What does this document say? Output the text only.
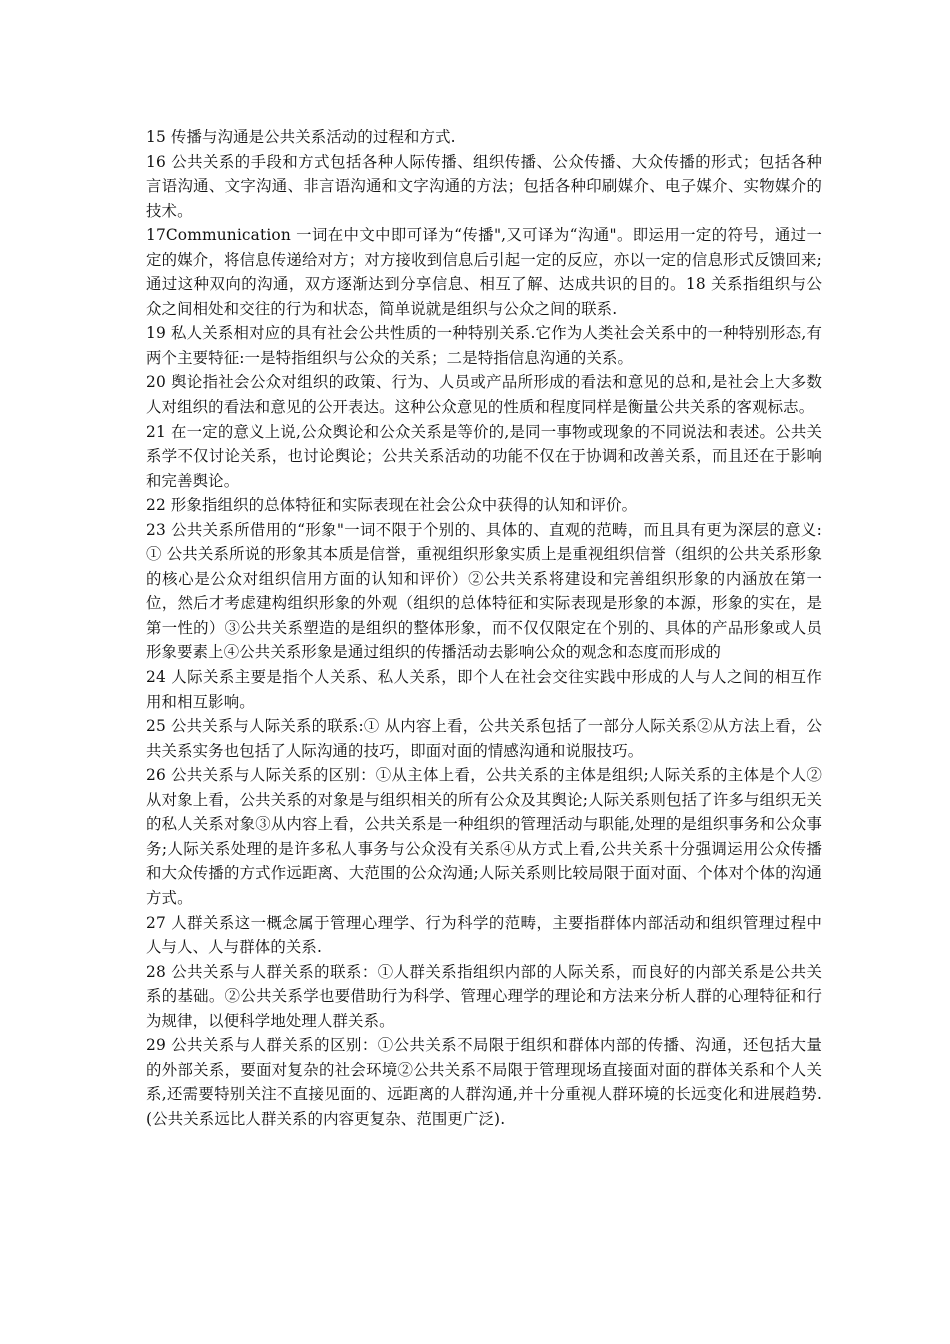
15 传播与沟通是公共关系活动的过程和方式.

16 公共关系的手段和方式包括各种人际传播、组织传播、公众传播、大众传播的形式；包括各种言语沟通、文字沟通、非言语沟通和文字沟通的方法；包括各种印刷媒介、电子媒介、实物媒介的技术。

17Communication 一词在中文中即可译为“传播",又可译为“沟通"。即运用一定的符号，通过一定的媒介，将信息传递给对方；对方接收到信息后引起一定的反应，亦以一定的信息形式反馈回来;通过这种双向的沟通，双方逐渐达到分享信息、相互了解、达成共识的目的。18 关系指组织与公众之间相处和交往的行为和状态，简单说就是组织与公众之间的联系.

19 私人关系相对应的具有社会公共性质的一种特别关系.它作为人类社会关系中的一种特别形态,有两个主要特征:一是特指组织与公众的关系；二是特指信息沟通的关系。

20 舆论指社会公众对组织的政策、行为、人员或产品所形成的看法和意见的总和,是社会上大多数人对组织的看法和意见的公开表达。这种公众意见的性质和程度同样是衡量公共关系的客观标志。

21 在一定的意义上说,公众舆论和公众关系是等价的,是同一事物或现象的不同说法和表述。公共关系学不仅讨论关系，也讨论舆论；公共关系活动的功能不仅在于协调和改善关系，而且还在于影响和完善舆论。

22 形象指组织的总体特征和实际表现在社会公众中获得的认知和评价。

23 公共关系所借用的“形象"一词不限于个别的、具体的、直观的范畴，而且具有更为深层的意义:① 公共关系所说的形象其本质是信誉，重视组织形象实质上是重视组织信誉（组织的公共关系形象的核心是公众对组织信用方面的认知和评价）②公共关系将建设和完善组织形象的内涵放在第一位，然后才考虑建构组织形象的外观（组织的总体特征和实际表现是形象的本源，形象的实在，是第一性的）③公共关系塑造的是组织的整体形象，而不仅仅限定在个别的、具体的产品形象或人员形象要素上④公共关系形象是通过组织的传播活动去影响公众的观念和态度而形成的

24 人际关系主要是指个人关系、私人关系，即个人在社会交往实践中形成的人与人之间的相互作用和相互影响。

25 公共关系与人际关系的联系:① 从内容上看，公共关系包括了一部分人际关系②从方法上看，公共关系实务也包括了人际沟通的技巧，即面对面的情感沟通和说服技巧。

26 公共关系与人际关系的区别：①从主体上看，公共关系的主体是组织;人际关系的主体是个人②从对象上看，公共关系的对象是与组织相关的所有公众及其舆论;人际关系则包括了许多与组织无关的私人关系对象③从内容上看，公共关系是一种组织的管理活动与职能,处理的是组织事务和公众事务;人际关系处理的是许多私人事务与公众没有关系④从方式上看,公共关系十分强调运用公众传播和大众传播的方式作远距离、大范围的公众沟通;人际关系则比较局限于面对面、个体对个体的沟通方式。

27 人群关系这一概念属于管理心理学、行为科学的范畴，主要指群体内部活动和组织管理过程中人与人、人与群体的关系.

28 公共关系与人群关系的联系：①人群关系指组织内部的人际关系，而良好的内部关系是公共关系的基础。②公共关系学也要借助行为科学、管理心理学的理论和方法来分析人群的心理特征和行为规律，以便科学地处理人群关系。

29 公共关系与人群关系的区别：①公共关系不局限于组织和群体内部的传播、沟通，还包括大量的外部关系，要面对复杂的社会环境②公共关系不局限于管理现场直接面对面的群体关系和个人关系,还需要特别关注不直接见面的、远距离的人群沟通,并十分重视人群环境的长远变化和进展趋势.(公共关系远比人群关系的内容更复杂、范围更广泛).
